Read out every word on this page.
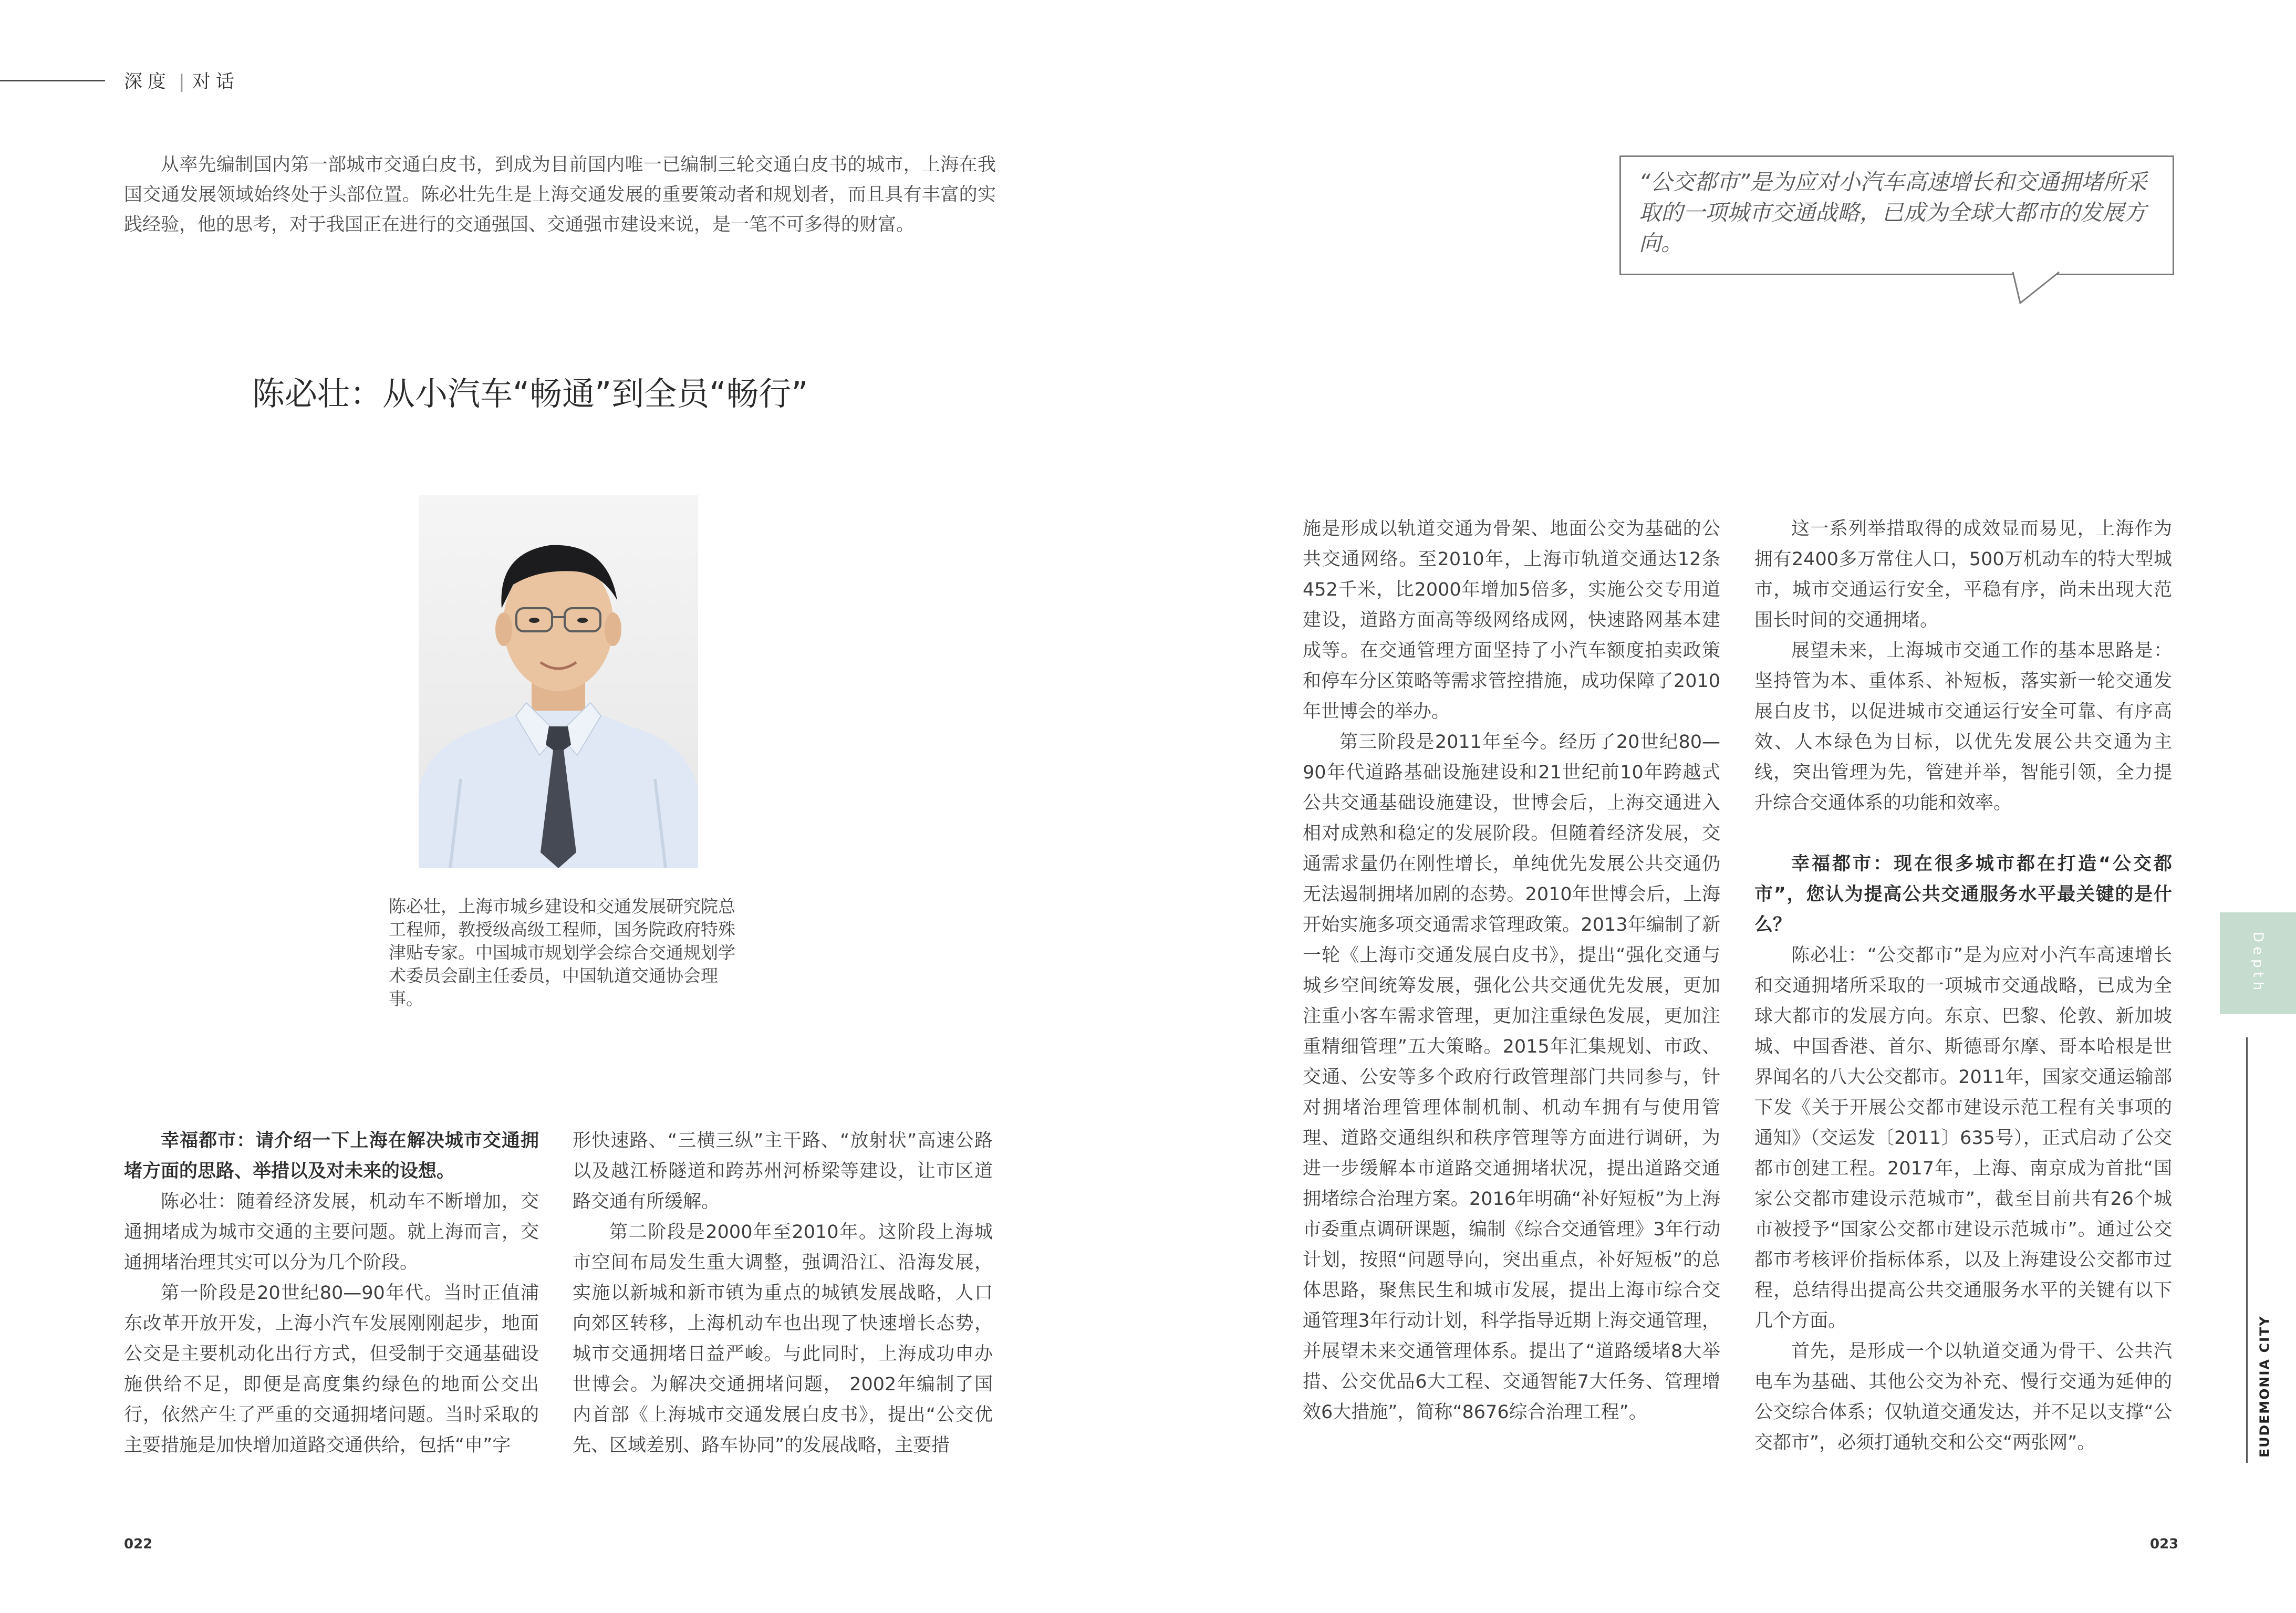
深度 | 对话
从率先编制国内第一部城市交通白皮书，到成为目前国内唯一已编制三轮交通白皮书的城市，上海在我国交通发展领域始终处于头部位置。陈必壮先生是上海交通发展的重要策动者和规划者，而且具有丰富的实践经验，他的思考，对于我国正在进行的交通强国、交通强市建设来说，是一笔不可多得的财富。
“公交都市”是为应对小汽车高速增长和交通拥堵所采取的一项城市交通战略，已成为全球大都市的发展方向。
陈必壮：从小汽车“畅通”到全员“畅行”
陈必壮，上海市城乡建设和交通发展研究院总工程师，教授级高级工程师，国务院政府特殊津贴专家。中国城市规划学会综合交通规划学术委员会副主任委员，中国轨道交通协会理事。

幸福都市：请介绍一下上海在解决城市交通拥堵方面的思路、举措以及对未来的设想。

陈必壮：随着经济发展，机动车不断增加，交通拥堵成为城市交通的主要问题。就上海而言，交通拥堵治理其实可以分为几个阶段。

第一阶段是20世纪80—90年代。当时正值浦东改革开放开发，上海小汽车发展刚刚起步，地面公交是主要机动化出行方式，但受制于交通基础设施供给不足，即便是高度集约绿色的地面公交出行，依然产生了严重的交通拥堵问题。当时采取的主要措施是加快增加道路交通供给，包括“申”字

形快速路、“三横三纵”主干路、“放射状”高速公路以及越江桥隧道和跨苏州河桥梁等建设，让市区道路交通有所缓解。

第二阶段是2000年至2010年。这阶段上海城市空间布局发生重大调整，强调沿江、沿海发展，实施以新城和新市镇为重点的城镇发展战略，人口向郊区转移，上海机动车也出现了快速增长态势，城市交通拥堵日益严峻。与此同时，上海成功申办世博会。为解决交通拥堵问题， 2002年编制了国内首部《上海城市交通发展白皮书》，提出“公交优先、区域差别、路车协同”的发展战略，主要措

施是形成以轨道交通为骨架、地面公交为基础的公共交通网络。至2010年，上海市轨道交通达12条452千米，比2000年增加5倍多，实施公交专用道建设，道路方面高等级网络成网，快速路网基本建成等。在交通管理方面坚持了小汽车额度拍卖政策和停车分区策略等需求管控措施，成功保障了2010年世博会的举办。

第三阶段是2011年至今。经历了20世纪80—90年代道路基础设施建设和21世纪前10年跨越式公共交通基础设施建设，世博会后，上海交通进入相对成熟和稳定的发展阶段。但随着经济发展，交通需求量仍在刚性增长，单纯优先发展公共交通仍无法遏制拥堵加剧的态势。2010年世博会后，上海开始实施多项交通需求管理政策。2013年编制了新一轮《上海市交通发展白皮书》，提出“强化交通与城乡空间统筹发展，强化公共交通优先发展，更加注重小客车需求管理，更加注重绿色发展，更加注重精细管理”五大策略。2015年汇集规划、市政、交通、公安等多个政府行政管理部门共同参与，针对拥堵治理管理体制机制、机动车拥有与使用管理、道路交通组织和秩序管理等方面进行调研，为进一步缓解本市道路交通拥堵状况，提出道路交通拥堵综合治理方案。2016年明确“补好短板”为上海市委重点调研课题，编制《综合交通管理》3年行动计划，按照“问题导向，突出重点，补好短板”的总体思路，聚焦民生和城市发展，提出上海市综合交通管理3年行动计划，科学指导近期上海交通管理，并展望未来交通管理体系。提出了“道路缓堵8大举措、公交优品6大工程、交通智能7大任务、管理增效6大措施”，简称“8676综合治理工程”。

这一系列举措取得的成效显而易见，上海作为拥有2400多万常住人口，500万机动车的特大型城市，城市交通运行安全，平稳有序，尚未出现大范围长时间的交通拥堵。

展望未来，上海城市交通工作的基本思路是：坚持管为本、重体系、补短板，落实新一轮交通发展白皮书，以促进城市交通运行安全可靠、有序高效、人本绿色为目标，以优先发展公共交通为主线，突出管理为先，管建并举，智能引领，全力提升综合交通体系的功能和效率。

幸福都市：现在很多城市都在打造“公交都市”，您认为提高公共交通服务水平最关键的是什么？

陈必壮：“公交都市”是为应对小汽车高速增长和交通拥堵所采取的一项城市交通战略，已成为全球大都市的发展方向。东京、巴黎、伦敦、新加坡城、中国香港、首尔、斯德哥尔摩、哥本哈根是世界闻名的八大公交都市。2011年，国家交通运输部下发《关于开展公交都市建设示范工程有关事项的通知》（交运发〔2011〕635号），正式启动了公交都市创建工程。2017年，上海、南京成为首批“国家公交都市建设示范城市”，截至目前共有26个城市被授予“国家公交都市建设示范城市”。通过公交都市考核评价指标体系，以及上海建设公交都市过程，总结得出提高公共交通服务水平的关键有以下几个方面。

首先，是形成一个以轨道交通为骨干、公共汽电车为基础、其他公交为补充、慢行交通为延伸的公交综合体系；仅轨道交通发达，并不足以支撑“公交都市”，必须打通轨交和公交“两张网”。

022	023
Depth
EUDEMONIA CITY
